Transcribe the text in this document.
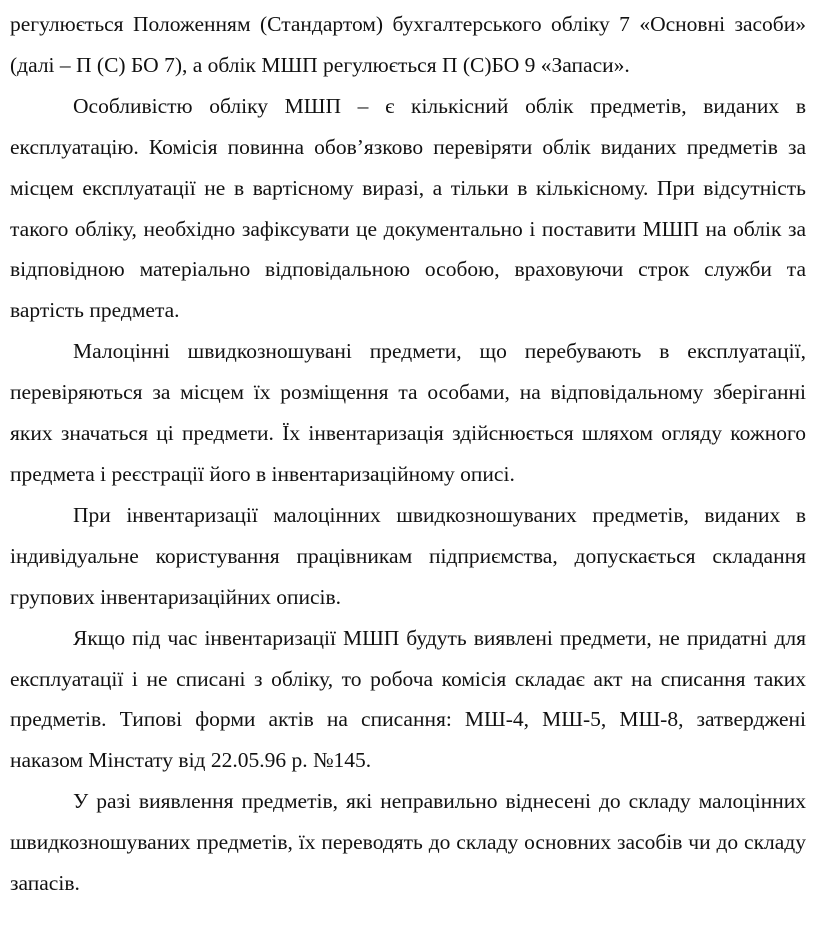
регулюється Положенням (Стандартом) бухгалтерського обліку 7 «Основні засоби» (далі – П (С) БО 7), а облік МШП регулюється П (С)БО 9 «Запаси».

Особливістю обліку МШП – є кількісний облік предметів, виданих в експлуатацію. Комісія повинна обов’язково перевіряти облік виданих предметів за місцем експлуатації не в вартісному виразі, а тільки в кількісному. При відсутність такого обліку, необхідно зафіксувати це документально і поставити МШП на облік за відповідною матеріально відповідальною особою, враховуючи строк служби та вартість предмета.

Малоцінні швидкозношувані предмети, що перебувають в експлуатації, перевіряються за місцем їх розміщення та особами, на відповідальному зберіганні яких значаться ці предмети. Їх інвентаризація здійснюється шляхом огляду кожного предмета і реєстрації його в інвентаризаційному описі.

При інвентаризації малоцінних швидкозношуваних предметів, виданих в індивідуальне користування працівникам підприємства, допускається складання групових інвентаризаційних описів.

Якщо під час інвентаризації МШП будуть виявлені предмети, не придатні для експлуатації і не списані з обліку, то робоча комісія складає акт на списання таких предметів. Типові форми актів на списання: МШ-4, МШ-5, МШ-8, затверджені наказом Мінстату від 22.05.96 р. №145.

У разі виявлення предметів, які неправильно віднесені до складу малоцінних швидкозношуваних предметів, їх переводять до складу основних засобів чи до складу запасів.
